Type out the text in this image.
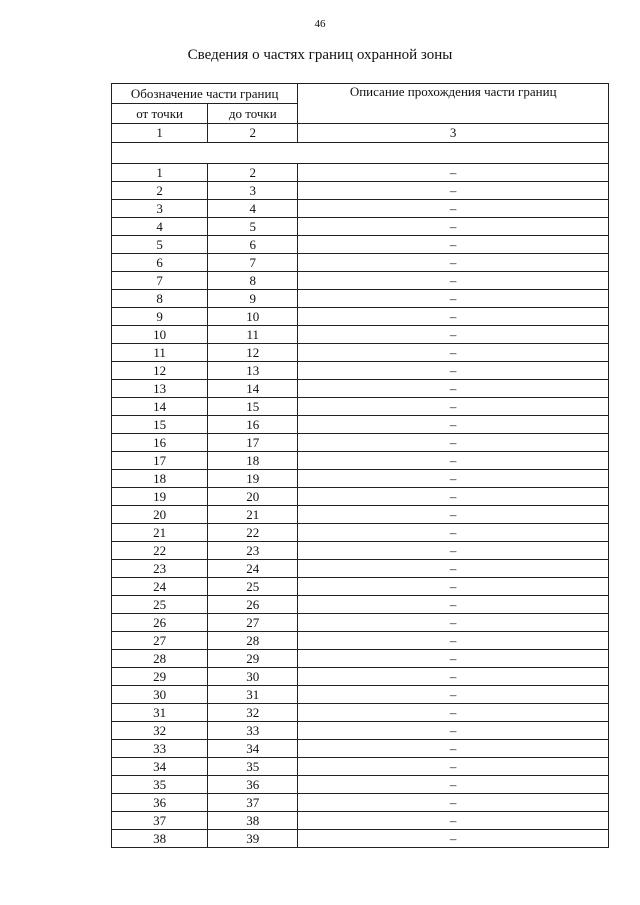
46
Сведения о частях границ охранной зоны
Обозначение части границ		Описание прохождения части границ
от точки	до точки	
1	2	3

1	2	–
2	3	–
3	4	–
4	5	–
5	6	–
6	7	–
7	8	–
8	9	–
9	10	–
10	11	–
11	12	–
12	13	–
13	14	–
14	15	–
15	16	–
16	17	–
17	18	–
18	19	–
19	20	–
20	21	–
21	22	–
22	23	–
23	24	–
24	25	–
25	26	–
26	27	–
27	28	–
28	29	–
29	30	–
30	31	–
31	32	–
32	33	–
33	34	–
34	35	–
35	36	–
36	37	–
37	38	–
38	39	–
